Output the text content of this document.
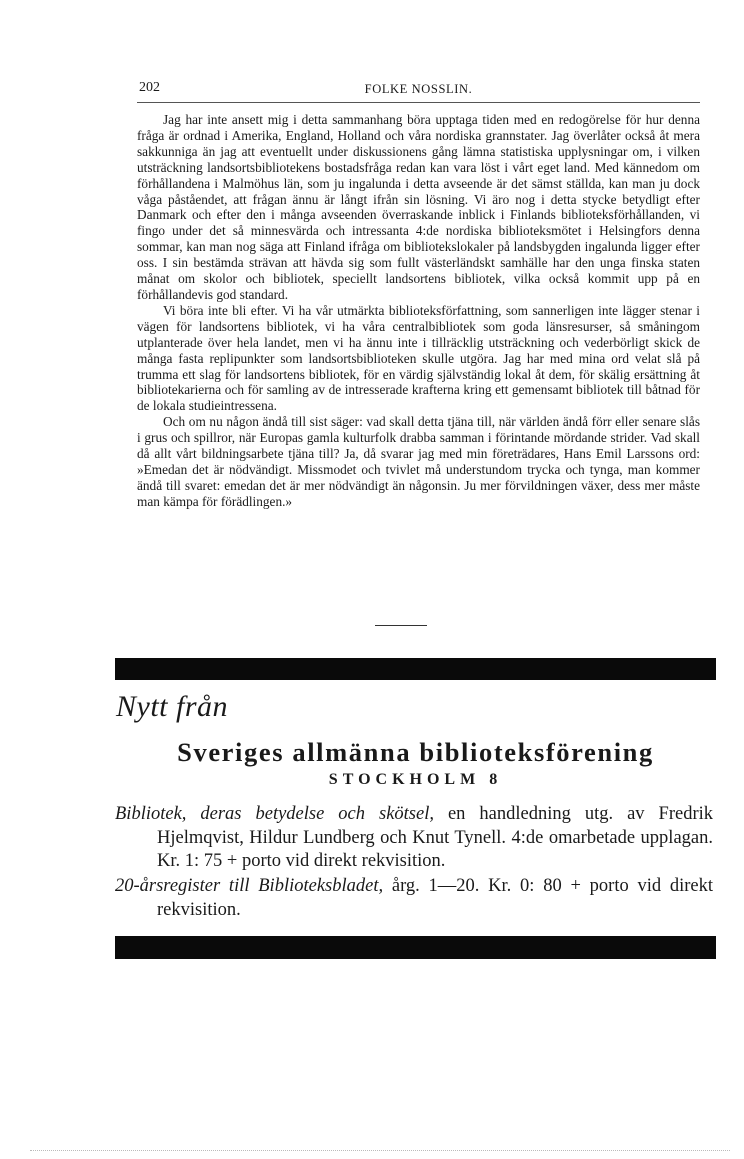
202	FOLKE NOSSLIN.

Jag har inte ansett mig i detta sammanhang böra upptaga tiden med en redogörelse för hur denna fråga är ordnad i Amerika, England, Holland och våra nordiska grannstater. Jag överlåter också åt mera sakkunniga än jag att eventuellt under diskussionens gång lämna statistiska upplysningar om, i vilken utsträckning landsortsbibliotekens bostadsfråga redan kan vara löst i vårt eget land. Med kännedom om förhållandena i Malmöhus län, som ju ingalunda i detta avseende är det sämst ställda, kan man ju dock våga påståendet, att frågan ännu är långt ifrån sin lösning. Vi äro nog i detta stycke betydligt efter Danmark och efter den i många avseenden överraskande inblick i Finlands biblioteksförhållanden, vi fingo under det så minnesvärda och intressanta 4:de nordiska biblioteksmötet i Helsingfors denna sommar, kan man nog säga att Finland ifråga om bibliotekslokaler på landsbygden ingalunda ligger efter oss. I sin bestämda strävan att hävda sig som fullt västerländskt samhälle har den unga finska staten månat om skolor och bibliotek, speciellt landsortens bibliotek, vilka också kommit upp på en förhållandevis god standard.

Vi böra inte bli efter. Vi ha vår utmärkta biblioteksförfattning, som sannerligen inte lägger stenar i vägen för landsortens bibliotek, vi ha våra centralbibliotek som goda länsresurser, så småningom utplanterade över hela landet, men vi ha ännu inte i tillräcklig utsträckning och vederbörligt skick de många fasta replipunkter som landsortsbiblioteken skulle utgöra. Jag har med mina ord velat slå på trumma ett slag för landsortens bibliotek, för en värdig självständig lokal åt dem, för skälig ersättning åt bibliotekarierna och för samling av de intresserade krafterna kring ett gemensamt bibliotek till båtnad för de lokala studieintressena.

Och om nu någon ändå till sist säger: vad skall detta tjäna till, när världen ändå förr eller senare slås i grus och spillror, när Europas gamla kulturfolk drabba samman i förintande mördande strider. Vad skall då allt vårt bildningsarbete tjäna till? Ja, då svarar jag med min företrädares, Hans Emil Larssons ord: »Emedan det är nödvändigt. Missmodet och tvivlet må understundom trycka och tynga, man kommer ändå till svaret: emedan det är mer nödvändigt än någonsin. Ju mer förvildningen växer, dess mer måste man kämpa för förädlingen.»

Nytt från
Sveriges allmänna biblioteksförening
STOCKHOLM 8
Bibliotek, deras betydelse och skötsel, en handledning utg. av Fredrik Hjelmqvist, Hildur Lundberg och Knut Tynell. 4:de omarbetade upplagan. Kr. 1: 75 + porto vid direkt rekvisition.
20-årsregister till Biblioteksbladet, årg. 1—20. Kr. 0: 80 + porto vid direkt rekvisition.
